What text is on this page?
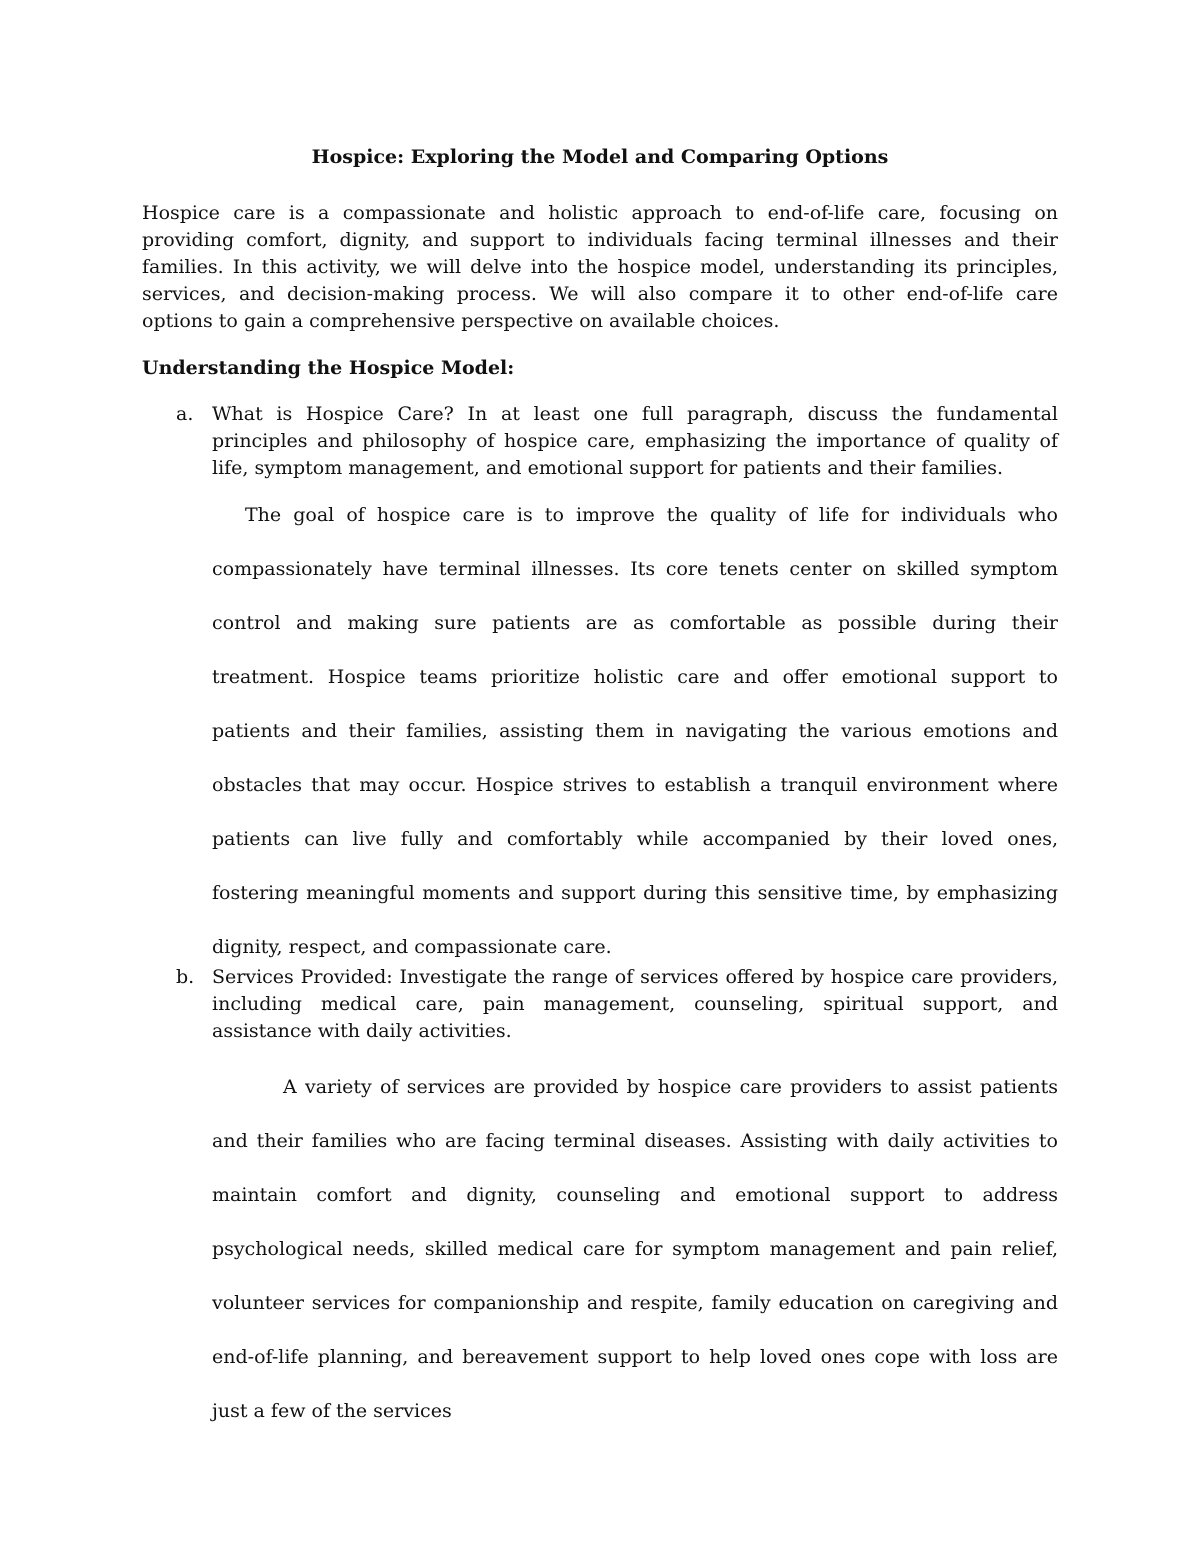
Hospice: Exploring the Model and Comparing Options

Hospice care is a compassionate and holistic approach to end-of-life care, focusing on providing comfort, dignity, and support to individuals facing terminal illnesses and their families. In this activity, we will delve into the hospice model, understanding its principles, services, and decision-making process. We will also compare it to other end-of-life care options to gain a comprehensive perspective on available choices.

Understanding the Hospice Model:
a. What is Hospice Care? In at least one full paragraph, discuss the fundamental principles and philosophy of hospice care, emphasizing the importance of quality of life, symptom management, and emotional support for patients and their families.

The goal of hospice care is to improve the quality of life for individuals who compassionately have terminal illnesses. Its core tenets center on skilled symptom control and making sure patients are as comfortable as possible during their treatment. Hospice teams prioritize holistic care and offer emotional support to patients and their families, assisting them in navigating the various emotions and obstacles that may occur. Hospice strives to establish a tranquil environment where patients can live fully and comfortably while accompanied by their loved ones, fostering meaningful moments and support during this sensitive time, by emphasizing dignity, respect, and compassionate care.
b. Services Provided: Investigate the range of services offered by hospice care providers, including medical care, pain management, counseling, spiritual support, and assistance with daily activities.

A variety of services are provided by hospice care providers to assist patients and their families who are facing terminal diseases. Assisting with daily activities to maintain comfort and dignity, counseling and emotional support to address psychological needs, skilled medical care for symptom management and pain relief, volunteer services for companionship and respite, family education on caregiving and end-of-life planning, and bereavement support to help loved ones cope with loss are just a few of the services
